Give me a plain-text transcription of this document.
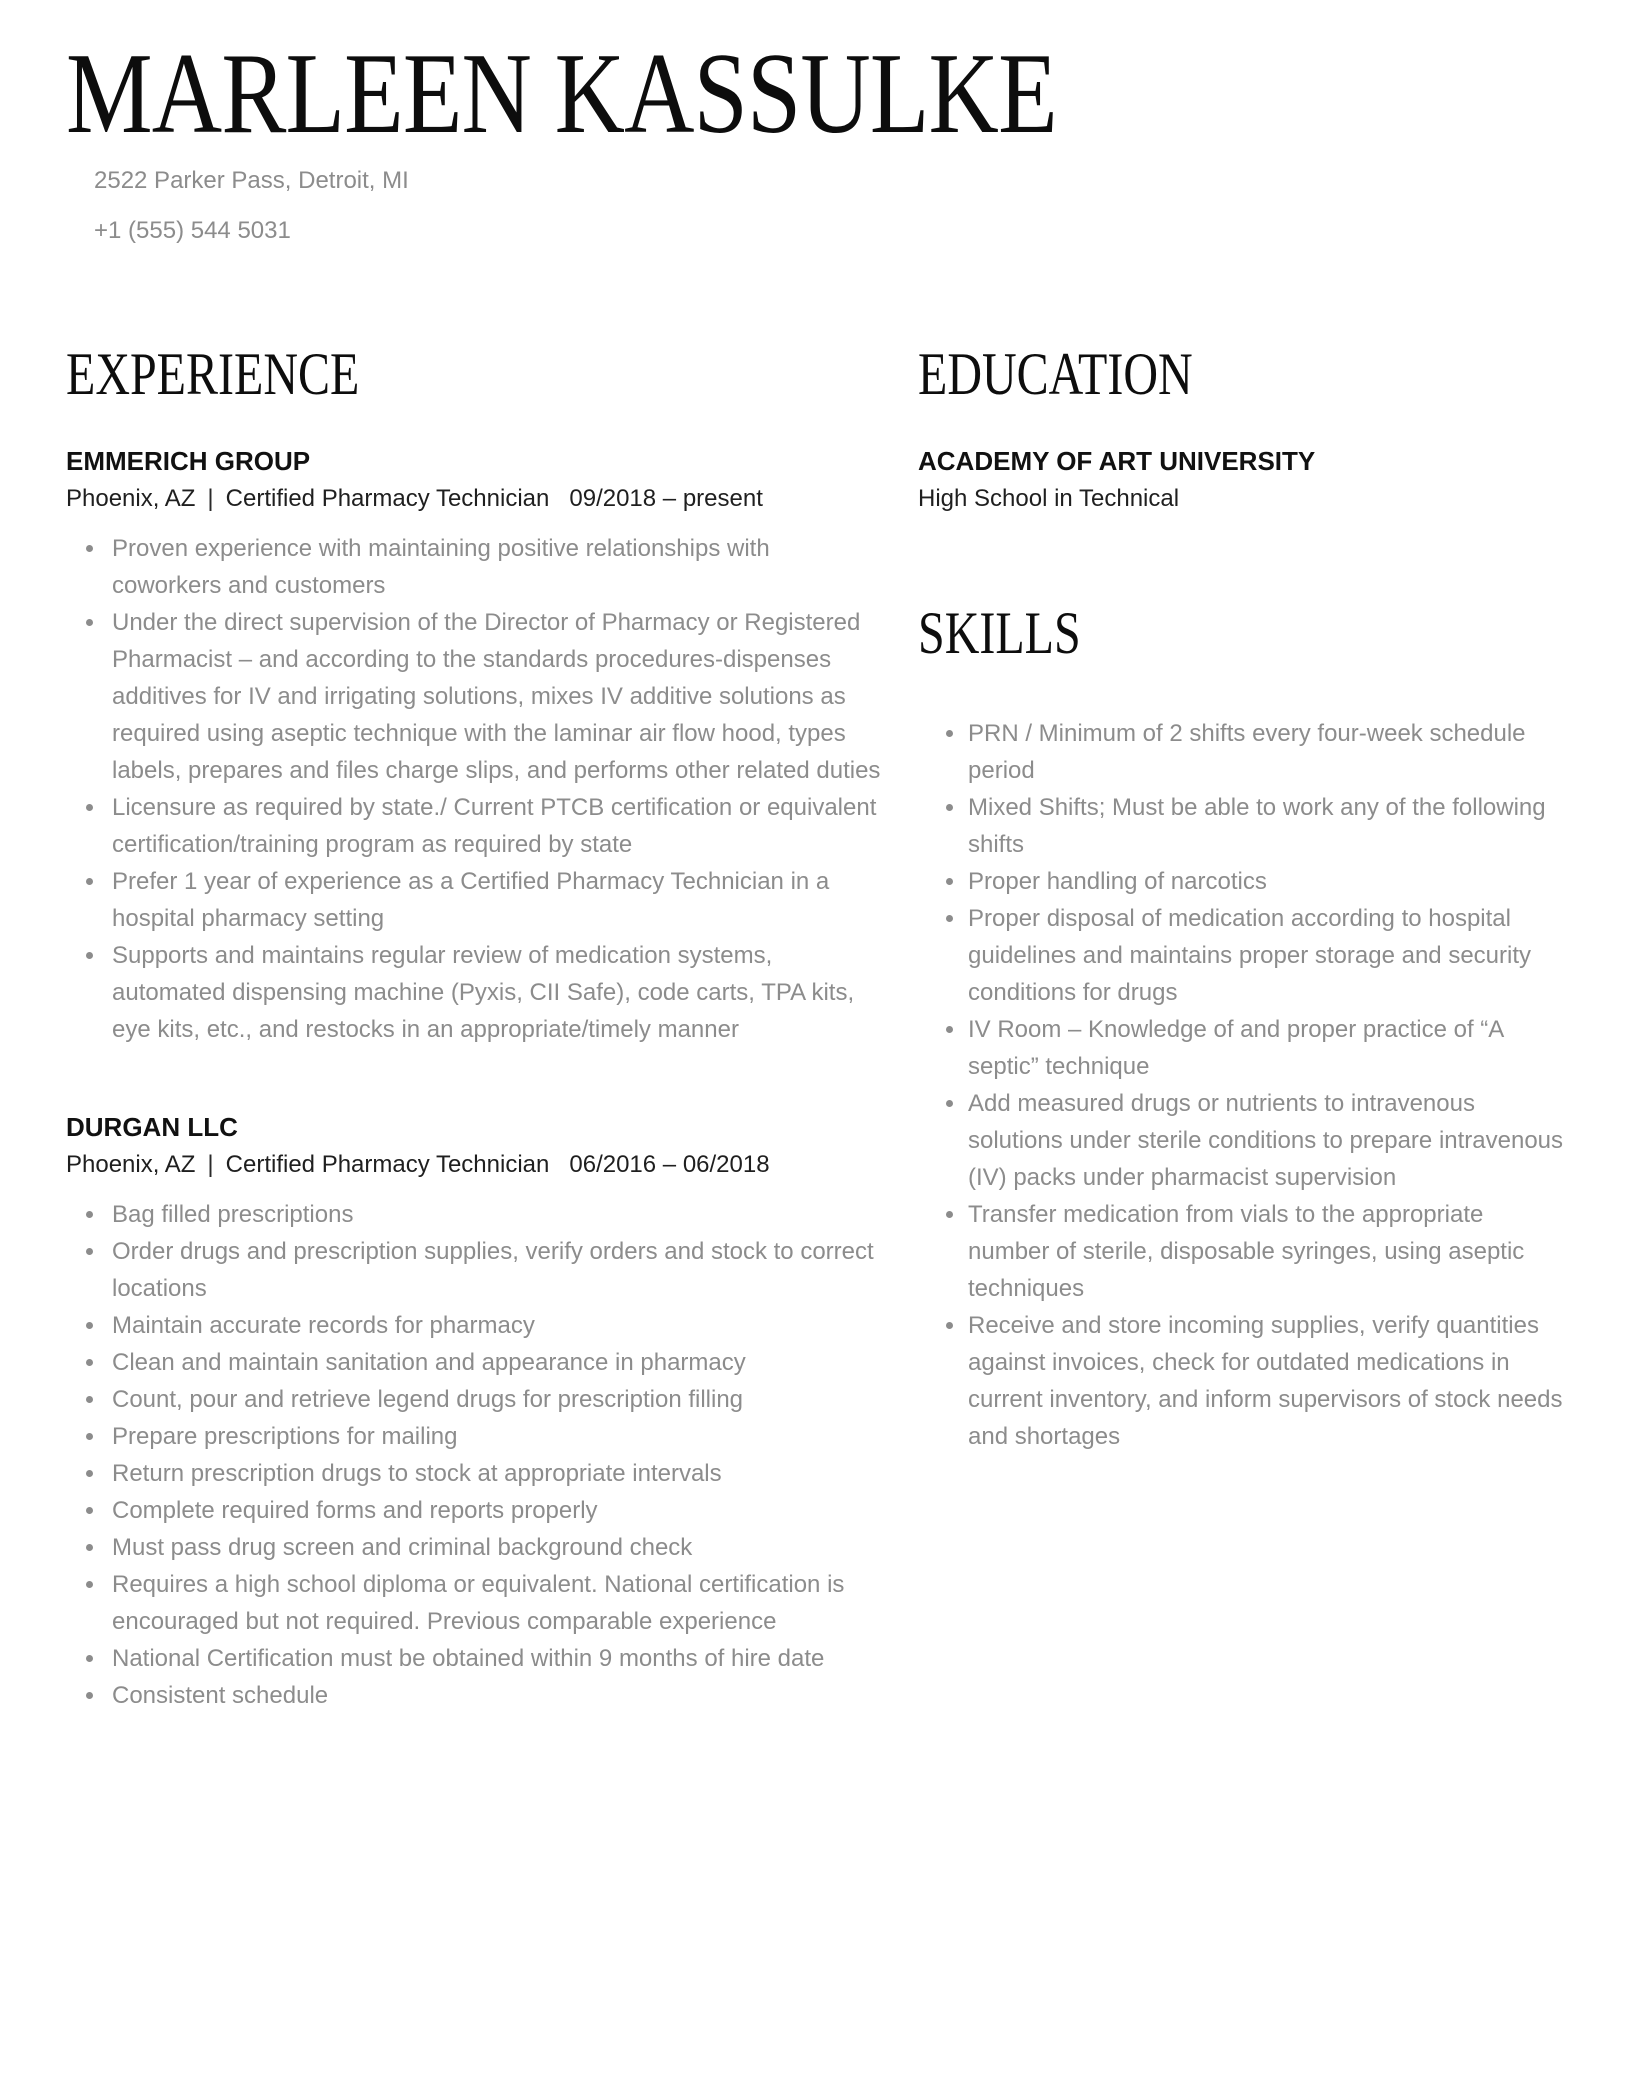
MARLEEN KASSULKE
2522 Parker Pass, Detroit, MI
+1 (555) 544 5031
EXPERIENCE
EMMERICH GROUP
Phoenix, AZ | Certified Pharmacy Technician 09/2018 – present
Proven experience with maintaining positive relationships with coworkers and customers
Under the direct supervision of the Director of Pharmacy or Registered Pharmacist – and according to the standards procedures-dispenses additives for IV and irrigating solutions, mixes IV additive solutions as required using aseptic technique with the laminar air flow hood, types labels, prepares and files charge slips, and performs other related duties
Licensure as required by state./ Current PTCB certification or equivalent certification/training program as required by state
Prefer 1 year of experience as a Certified Pharmacy Technician in a hospital pharmacy setting
Supports and maintains regular review of medication systems, automated dispensing machine (Pyxis, CII Safe), code carts, TPA kits, eye kits, etc., and restocks in an appropriate/timely manner
DURGAN LLC
Phoenix, AZ | Certified Pharmacy Technician 06/2016 – 06/2018
Bag filled prescriptions
Order drugs and prescription supplies, verify orders and stock to correct locations
Maintain accurate records for pharmacy
Clean and maintain sanitation and appearance in pharmacy
Count, pour and retrieve legend drugs for prescription filling
Prepare prescriptions for mailing
Return prescription drugs to stock at appropriate intervals
Complete required forms and reports properly
Must pass drug screen and criminal background check
Requires a high school diploma or equivalent. National certification is encouraged but not required. Previous comparable experience
National Certification must be obtained within 9 months of hire date
Consistent schedule
EDUCATION
ACADEMY OF ART UNIVERSITY
High School in Technical
SKILLS
PRN / Minimum of 2 shifts every four-week schedule period
Mixed Shifts; Must be able to work any of the following shifts
Proper handling of narcotics
Proper disposal of medication according to hospital guidelines and maintains proper storage and security conditions for drugs
IV Room – Knowledge of and proper practice of “A septic” technique
Add measured drugs or nutrients to intravenous solutions under sterile conditions to prepare intravenous (IV) packs under pharmacist supervision
Transfer medication from vials to the appropriate number of sterile, disposable syringes, using aseptic techniques
Receive and store incoming supplies, verify quantities against invoices, check for outdated medications in current inventory, and inform supervisors of stock needs and shortages
